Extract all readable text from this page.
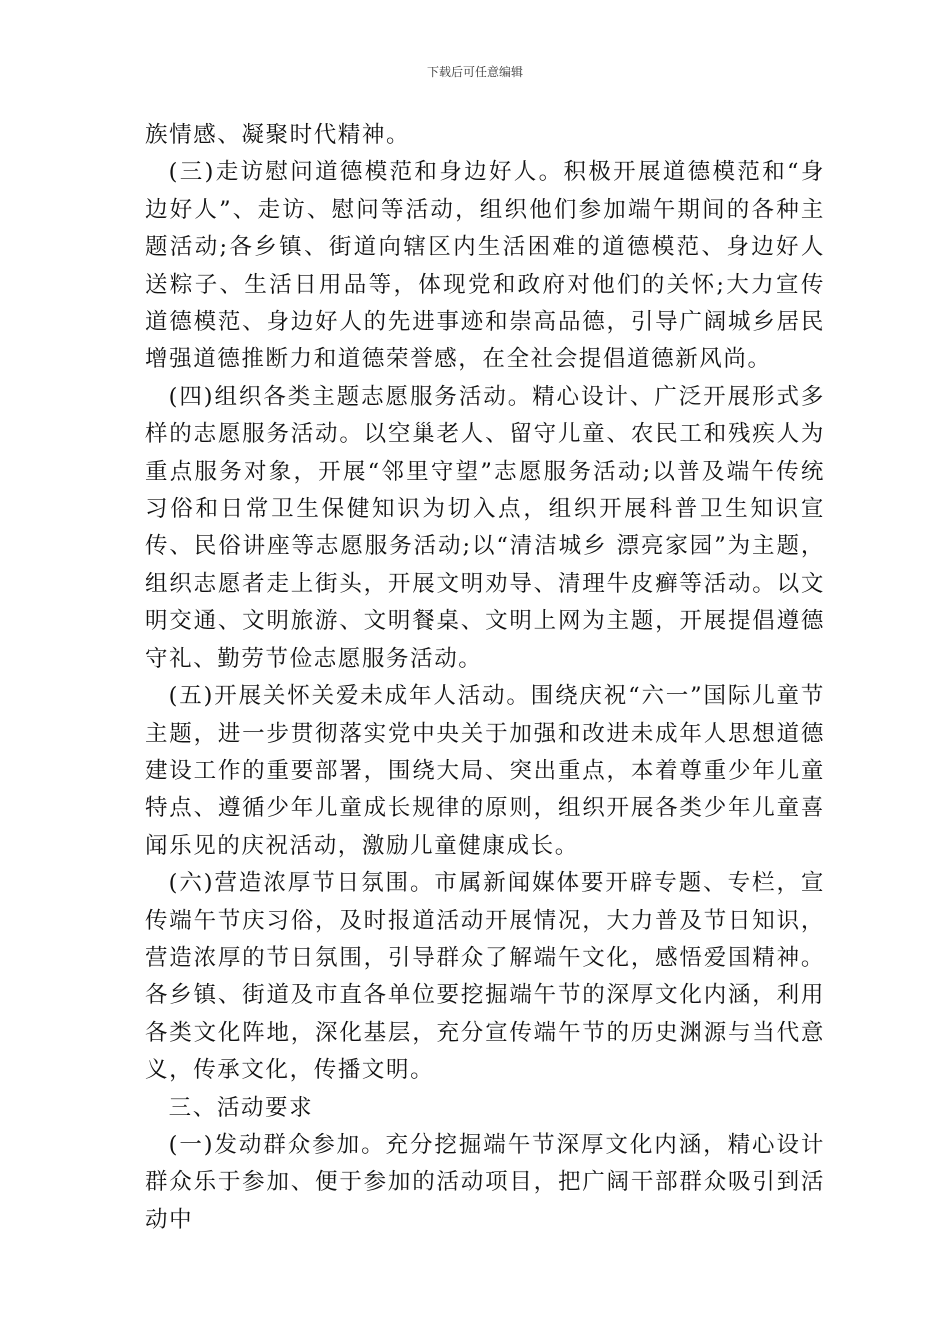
下载后可任意编辑

族情感、凝聚时代精神。

(三)走访慰问道德模范和身边好人。积极开展道德模范和“身边好人”、走访、慰问等活动，组织他们参加端午期间的各种主题活动;各乡镇、街道向辖区内生活困难的道德模范、身边好人送粽子、生活日用品等，体现党和政府对他们的关怀;大力宣传道德模范、身边好人的先进事迹和崇高品德，引导广阔城乡居民增强道德推断力和道德荣誉感，在全社会提倡道德新风尚。

(四)组织各类主题志愿服务活动。精心设计、广泛开展形式多样的志愿服务活动。以空巢老人、留守儿童、农民工和残疾人为重点服务对象，开展“邻里守望”志愿服务活动;以普及端午传统习俗和日常卫生保健知识为切入点，组织开展科普卫生知识宣传、民俗讲座等志愿服务活动;以“清洁城乡 漂亮家园”为主题，组织志愿者走上街头，开展文明劝导、清理牛皮癣等活动。以文明交通、文明旅游、文明餐桌、文明上网为主题，开展提倡遵德守礼、勤劳节俭志愿服务活动。

(五)开展关怀关爱未成年人活动。围绕庆祝“六一”国际儿童节主题，进一步贯彻落实党中央关于加强和改进未成年人思想道德建设工作的重要部署，围绕大局、突出重点，本着尊重少年儿童特点、遵循少年儿童成长规律的原则，组织开展各类少年儿童喜闻乐见的庆祝活动，激励儿童健康成长。

(六)营造浓厚节日氛围。市属新闻媒体要开辟专题、专栏，宣传端午节庆习俗，及时报道活动开展情况，大力普及节日知识，营造浓厚的节日氛围，引导群众了解端午文化，感悟爱国精神。各乡镇、街道及市直各单位要挖掘端午节的深厚文化内涵，利用各类文化阵地，深化基层，充分宣传端午节的历史渊源与当代意义，传承文化，传播文明。

三、活动要求

(一)发动群众参加。充分挖掘端午节深厚文化内涵，精心设计群众乐于参加、便于参加的活动项目，把广阔干部群众吸引到活动中
